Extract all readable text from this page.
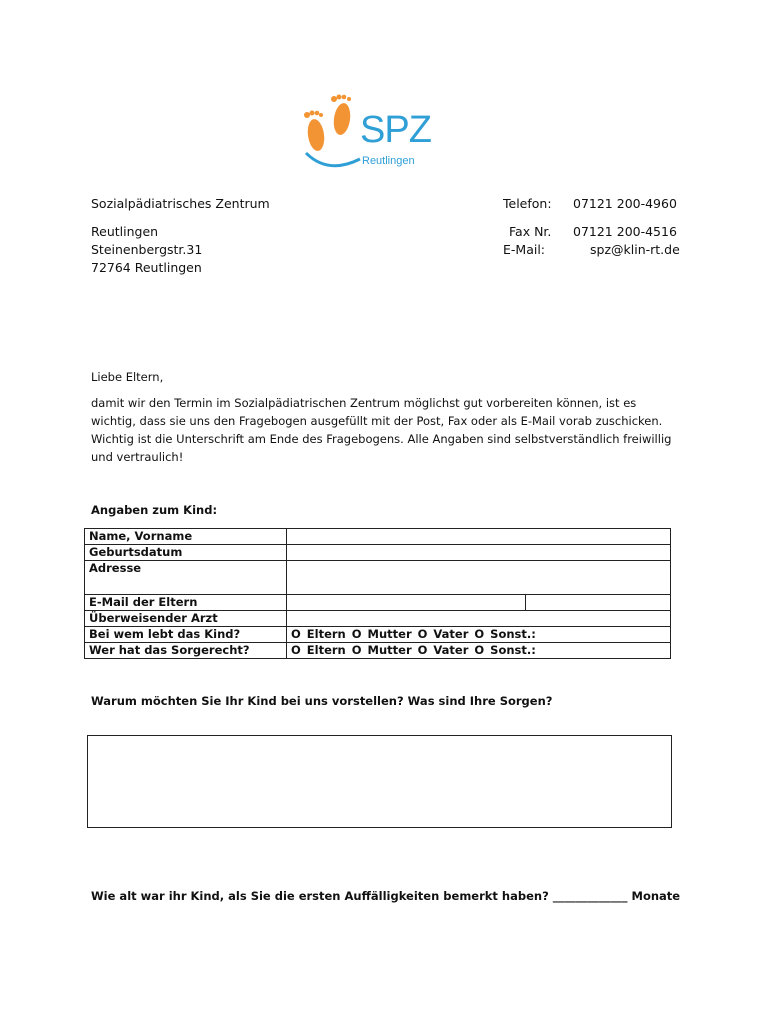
SPZ
Reutlingen
Sozialpädiatrisches Zentrum
Reutlingen
Steinenbergstr.31
72764 Reutlingen
Telefon: 07121 200-4960
Fax Nr. 07121 200-4516
E-Mail:	spz@klin-rt.de
Liebe Eltern,
damit wir den Termin im Sozialpädiatrischen Zentrum möglichst gut vorbereiten können, ist es
wichtig, dass sie uns den Fragebogen ausgefüllt mit der Post, Fax oder als E-Mail vorab zuschicken.
Wichtig ist die Unterschrift am Ende des Fragebogens. Alle Angaben sind selbstverständlich freiwillig
und vertraulich!
Angaben zum Kind:
Name, Vorname		
Geburtsdatum		
Adresse		
E-Mail der Eltern		
Überweisender Arzt		
Bei wem lebt das Kind?	O Eltern O Mutter O Vater O Sonst.:	
Wer hat das Sorgerecht?	O Eltern O Mutter O Vater O Sonst.:	
Warum möchten Sie Ihr Kind bei uns vorstellen? Was sind Ihre Sorgen?
Wie alt war ihr Kind, als Sie die ersten Auffälligkeiten bemerkt haben? _____________ Monate
